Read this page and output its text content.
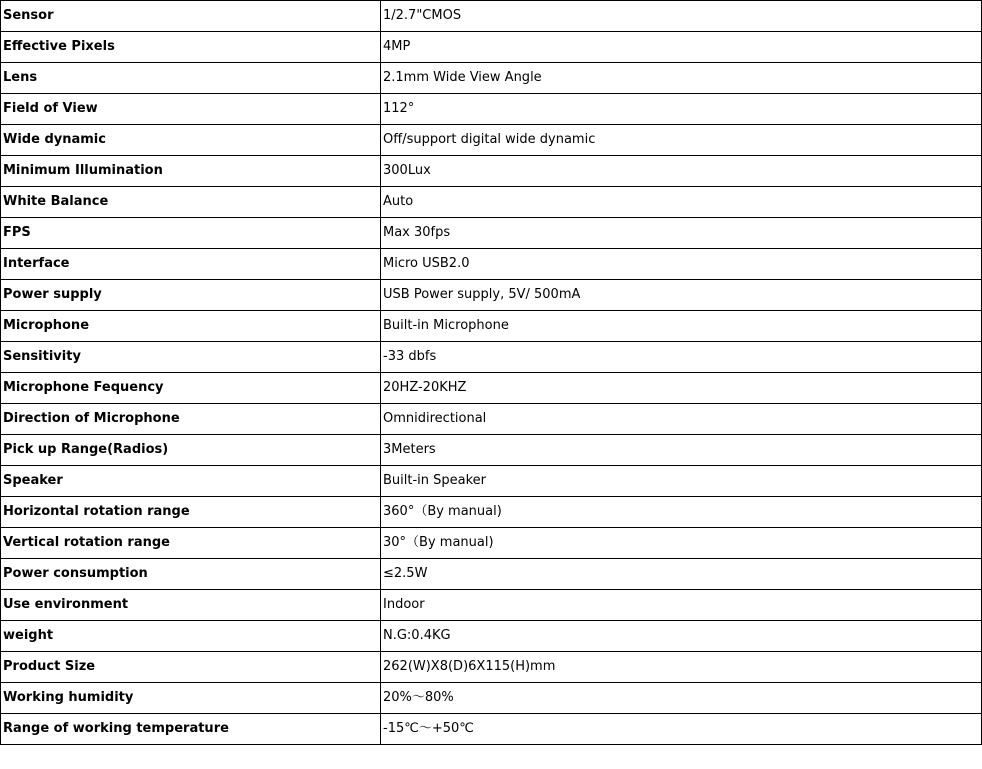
Sensor	1/2.7"CMOS
Effective Pixels	4MP
Lens	2.1mm Wide View Angle
Field of View	112°
Wide dynamic	Off/support digital wide dynamic
Minimum Illumination	300Lux
White Balance	Auto
FPS	Max 30fps
Interface	Micro USB2.0
Power supply	USB Power supply, 5V/ 500mA
Microphone	Built-in Microphone
Sensitivity	-33 dbfs
Microphone Fequency	20HZ-20KHZ
Direction of Microphone	Omnidirectional
Pick up Range(Radios)	3Meters
Speaker	Built-in Speaker
Horizontal rotation range	360°（By manual)
Vertical rotation range	30°（By manual)
Power consumption	≤2.5W
Use environment	Indoor
weight	N.G:0.4KG
Product Size	262(W)X8(D)6X115(H)mm
Working humidity	20%～80%
Range of working temperature	-15℃～+50℃
